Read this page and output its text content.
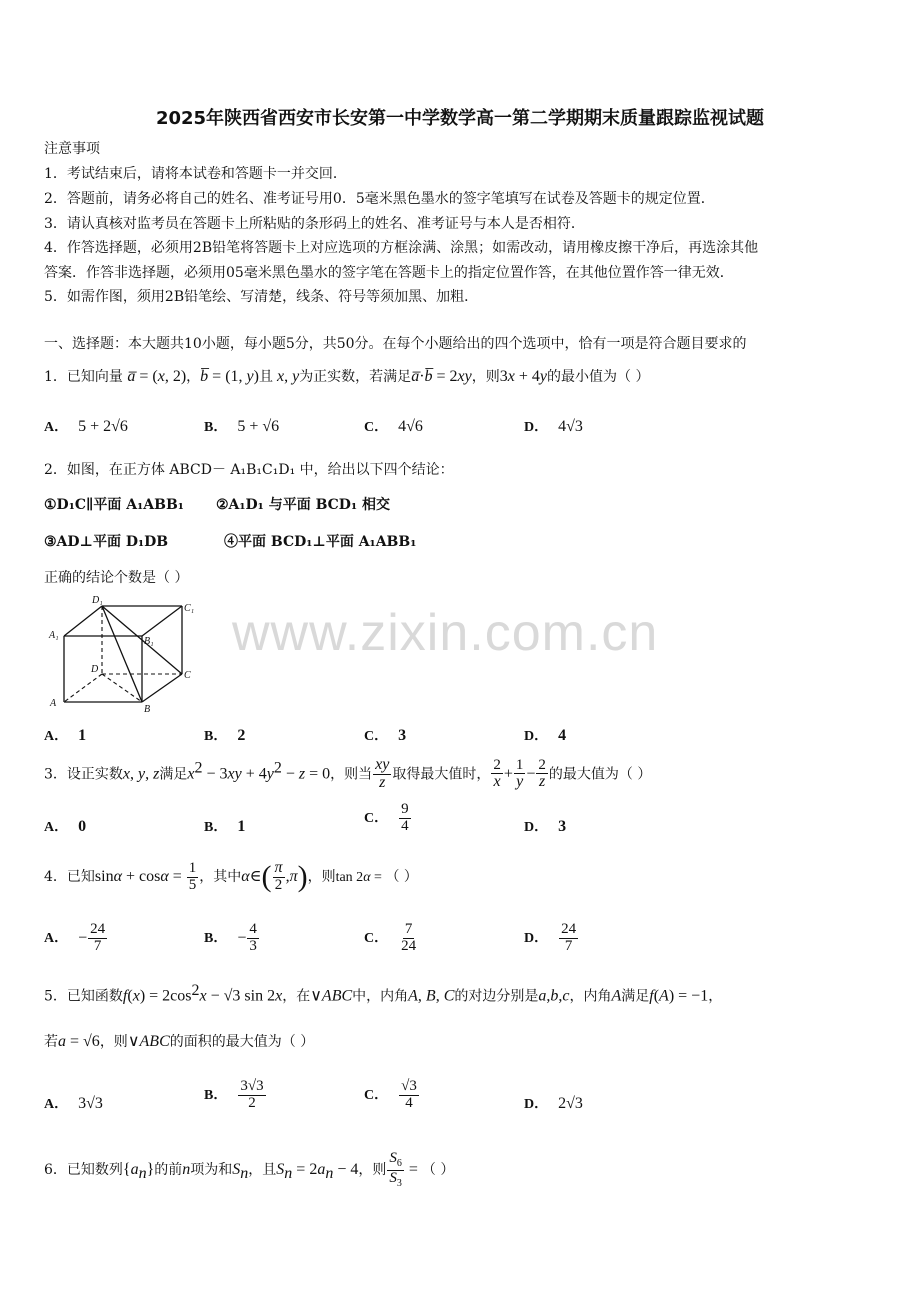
2025年陕西省西安市长安第一中学数学高一第二学期期末质量跟踪监视试题
注意事项
1．考试结束后，请将本试卷和答题卡一并交回．
2．答题前，请务必将自己的姓名、准考证号用0．5毫米黑色墨水的签字笔填写在试卷及答题卡的规定位置．
3．请认真核对监考员在答题卡上所粘贴的条形码上的姓名、准考证号与本人是否相符．
4．作答选择题，必须用2B铅笔将答题卡上对应选项的方框涂满、涂黑；如需改动，请用橡皮擦干净后，再选涂其他
答案．作答非选择题，必须用05毫米黑色墨水的签字笔在答题卡上的指定位置作答，在其他位置作答一律无效．
5．如需作图，须用2B铅笔绘、写清楚，线条、符号等须加黑、加粗．
一、选择题：本大题共10小题，每小题5分，共50分。在每个小题给出的四个选项中，恰有一项是符合题目要求的
1．已知向量 a̅ = (x, 2)，b̅ = (1, y)且 x, y为正实数，若满足a̅·b̅ = 2xy，则3x + 4y的最小值为（ ）
A． 5 + 2√6	B． 5 + √6	C． 4√6	D． 4√3
2．如图，在正方体 ABCD－ A₁B₁C₁D₁ 中，给出以下四个结论：
①D₁C∥平面 A₁ABB₁ ②A₁D₁ 与平面 BCD₁ 相交
③AD⊥平面 D₁DB	④平面 BCD₁⊥平面 A₁ABB₁
正确的结论个数是（ ）
D₁
C₁
A₁
B₁
D
C
A
B
www.zixin.com.cn
A． 1	B． 2	C． 3	D． 4
3．设正实数x, y, z满足$x^2 - 3xy + 4y^2 - z = 0$，则当 $\frac{xy}{z}$ 取得最大值时， $\frac{2}{x} + \frac{1}{y} - \frac{2}{z}$ 的最大值为（ ）
A． 0	B． 1	C． $\frac{9}{4}$	D． 3
4．已知$\sin\alpha + \cos\alpha = \frac{1}{5}$ ，其中α∈( $\frac{\pi}{2} ,\pi$)，则tan 2α = （ ）
A． − $\frac{24}{7}$	B． − $\frac{4}{3}$	C． $\frac{7}{24}$	D． $\frac{24}{7}$
5．已知函数$f(x) = 2\cos^2x - √3$ sin 2x，在∨ABC中，内角A, B, C的对边分别是a,b,c，内角A满足f(A) = −1，
若a = √6，则∨ABC的面积的最大值为（ ）
A． 3√3	B． $\frac{3√3}{2}$	C． $\frac{√3}{4}$	D． 2√3
6．已知数列$\{a_n\}$的前n项为和$S_n$，且$S_n = 2a_n - 4$，则 $\frac{S_6}{S_3}$ = （ ）
